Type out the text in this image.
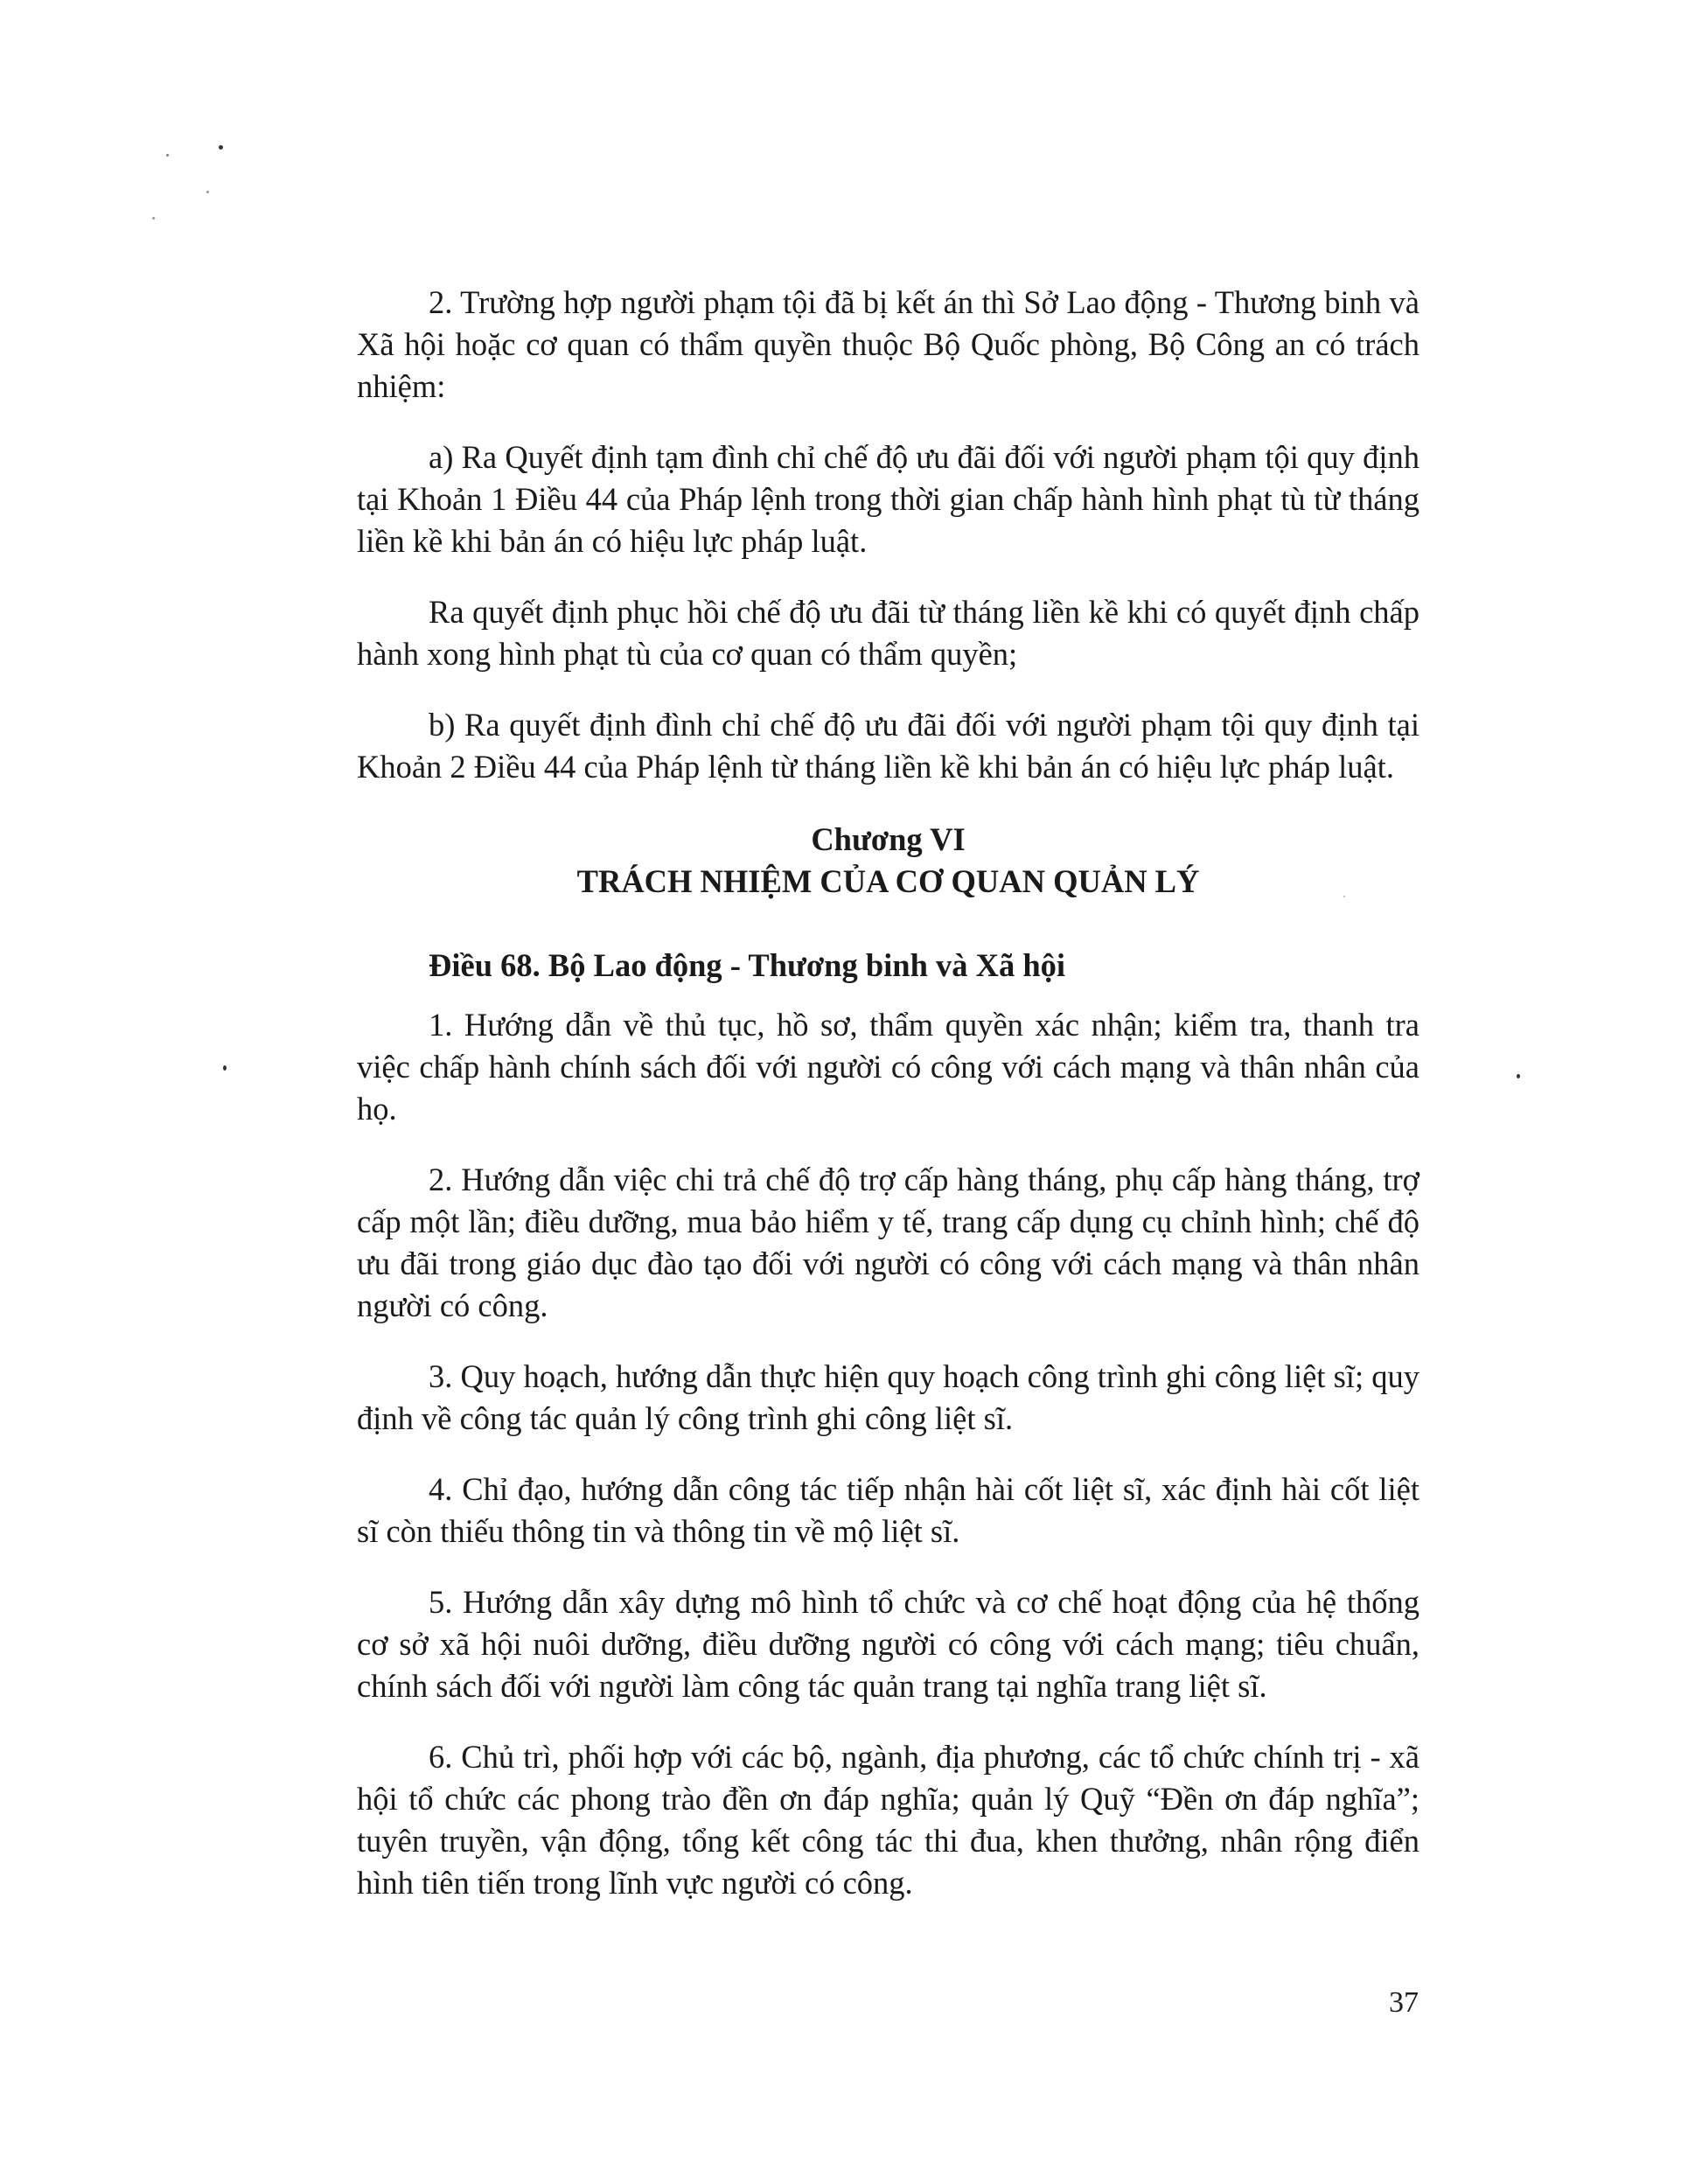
2. Trường hợp người phạm tội đã bị kết án thì Sở Lao động - Thương binh và Xã hội hoặc cơ quan có thẩm quyền thuộc Bộ Quốc phòng, Bộ Công an có trách nhiệm:

a) Ra Quyết định tạm đình chỉ chế độ ưu đãi đối với người phạm tội quy định tại Khoản 1 Điều 44 của Pháp lệnh trong thời gian chấp hành hình phạt tù từ tháng liền kề khi bản án có hiệu lực pháp luật.

Ra quyết định phục hồi chế độ ưu đãi từ tháng liền kề khi có quyết định chấp hành xong hình phạt tù của cơ quan có thẩm quyền;

b) Ra quyết định đình chỉ chế độ ưu đãi đối với người phạm tội quy định tại Khoản 2 Điều 44 của Pháp lệnh từ tháng liền kề khi bản án có hiệu lực pháp luật.

Chương VI
TRÁCH NHIỆM CỦA CƠ QUAN QUẢN LÝ
Điều 68. Bộ Lao động - Thương binh và Xã hội

1. Hướng dẫn về thủ tục, hồ sơ, thẩm quyền xác nhận; kiểm tra, thanh tra việc chấp hành chính sách đối với người có công với cách mạng và thân nhân của họ.

2. Hướng dẫn việc chi trả chế độ trợ cấp hàng tháng, phụ cấp hàng tháng, trợ cấp một lần; điều dưỡng, mua bảo hiểm y tế, trang cấp dụng cụ chỉnh hình; chế độ ưu đãi trong giáo dục đào tạo đối với người có công với cách mạng và thân nhân người có công.

3. Quy hoạch, hướng dẫn thực hiện quy hoạch công trình ghi công liệt sĩ; quy định về công tác quản lý công trình ghi công liệt sĩ.

4. Chỉ đạo, hướng dẫn công tác tiếp nhận hài cốt liệt sĩ, xác định hài cốt liệt sĩ còn thiếu thông tin và thông tin về mộ liệt sĩ.

5. Hướng dẫn xây dựng mô hình tổ chức và cơ chế hoạt động của hệ thống cơ sở xã hội nuôi dưỡng, điều dưỡng người có công với cách mạng; tiêu chuẩn, chính sách đối với người làm công tác quản trang tại nghĩa trang liệt sĩ.

6. Chủ trì, phối hợp với các bộ, ngành, địa phương, các tổ chức chính trị - xã hội tổ chức các phong trào đền ơn đáp nghĩa; quản lý Quỹ “Đền ơn đáp nghĩa”; tuyên truyền, vận động, tổng kết công tác thi đua, khen thưởng, nhân rộng điển hình tiên tiến trong lĩnh vực người có công.

37
